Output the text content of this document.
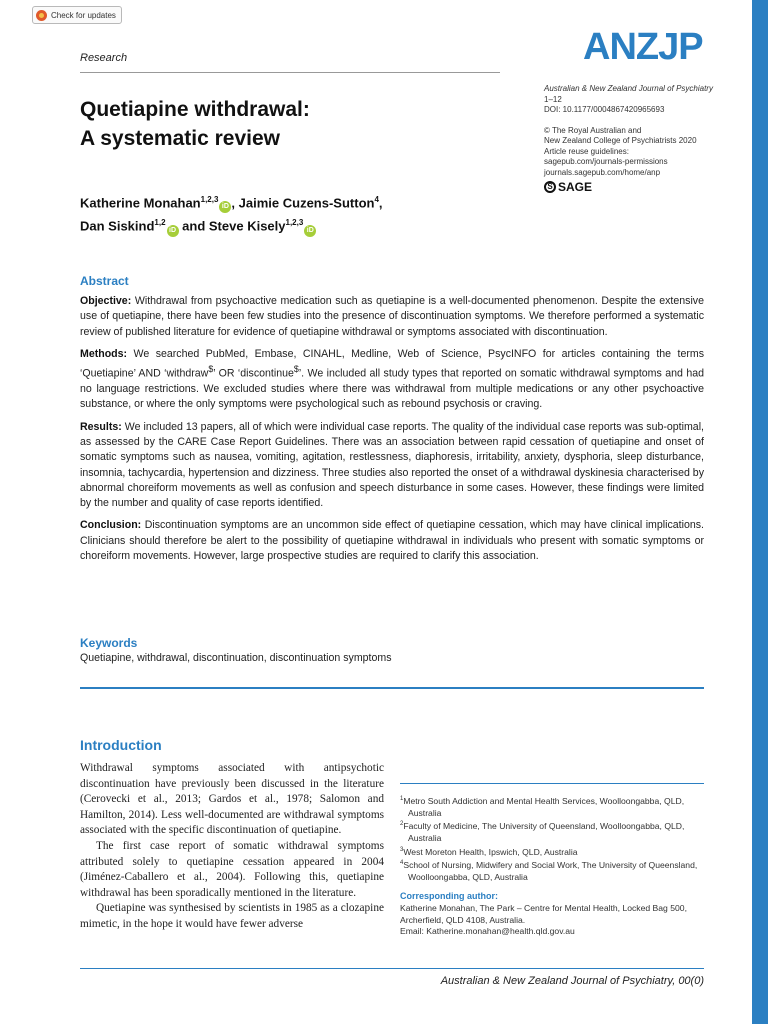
Check for updates
Research	ANZJP
Australian & New Zealand Journal of Psychiatry
1–12
DOI: 10.1177/0004867420965693
© The Royal Australian and
New Zealand College of Psychiatrists 2020
Article reuse guidelines:
sagepub.com/journals-permissions
journals.sagepub.com/home/anp
S SAGE
Quetiapine withdrawal:
A systematic review
Katherine Monahan$^{1,2,3}$iD , Jaimie Cuzens-Sutton$^4$,
Dan Siskind$^{1,2}$iD and Steve Kisely$^{1,2,3}$iD
Abstract

Objective: Withdrawal from psychoactive medication such as quetiapine is a well-documented phenomenon. Despite the extensive use of quetiapine, there have been few studies into the presence of discontinuation symptoms. We therefore performed a systematic review of published literature for evidence of quetiapine withdrawal or symptoms associated with discontinuation.

Methods: We searched PubMed, Embase, CINAHL, Medline, Web of Science, PsycINFO for articles containing the terms ‘Quetiapine’ AND ‘withdraw$’ OR ‘discontinue$’. We included all study types that reported on somatic withdrawal symptoms and had no language restrictions. We excluded studies where there was withdrawal from multiple medications or any other psychoactive substance, or where the only symptoms were psychological such as rebound psychosis or craving.

Results: We included 13 papers, all of which were individual case reports. The quality of the individual case reports was sub-optimal, as assessed by the CARE Case Report Guidelines. There was an association between rapid cessation of quetiapine and onset of somatic symptoms such as nausea, vomiting, agitation, restlessness, diaphoresis, irritability, anxiety, dysphoria, sleep disturbance, insomnia, tachycardia, hypertension and dizziness. Three studies also reported the onset of a withdrawal dyskinesia characterised by abnormal choreiform movements as well as confusion and speech disturbance in some cases. However, these findings were limited by the number and quality of case reports identified.

Conclusion: Discontinuation symptoms are an uncommon side effect of quetiapine cessation, which may have clinical implications. Clinicians should therefore be alert to the possibility of quetiapine withdrawal in individuals who present with somatic symptoms or choreiform movements. However, large prospective studies are required to clarify this association.

Keywords
Quetiapine, withdrawal, discontinuation, discontinuation symptoms
Introduction

Withdrawal symptoms associated with antipsychotic discontinuation have previously been discussed in the literature (Cerovecki et al., 2013; Gardos et al., 1978; Salomon and Hamilton, 2014). Less well-documented are withdrawal symptoms associated with the specific discontinuation of quetiapine.

The first case report of somatic withdrawal symptoms attributed solely to quetiapine cessation appeared in 2004 (Jiménez-Caballero et al., 2004). Following this, quetiapine withdrawal has been sporadically mentioned in the literature.

Quetiapine was synthesised by scientists in 1985 as a clozapine mimetic, in the hope it would have fewer adverse

$^1$Metro South Addiction and Mental Health Services, Woolloongabba, QLD, Australia
$^2$Faculty of Medicine, The University of Queensland, Woolloongabba, QLD, Australia
$^3$West Moreton Health, Ipswich, QLD, Australia
$^4$School of Nursing, Midwifery and Social Work, The University of Queensland, Woolloongabba, QLD, Australia
Corresponding author:
Katherine Monahan, The Park – Centre for Mental Health, Locked Bag 500, Archerfield, QLD 4108, Australia.
Email: Katherine.monahan@health.qld.gov.au
Australian & New Zealand Journal of Psychiatry, 00(0)
